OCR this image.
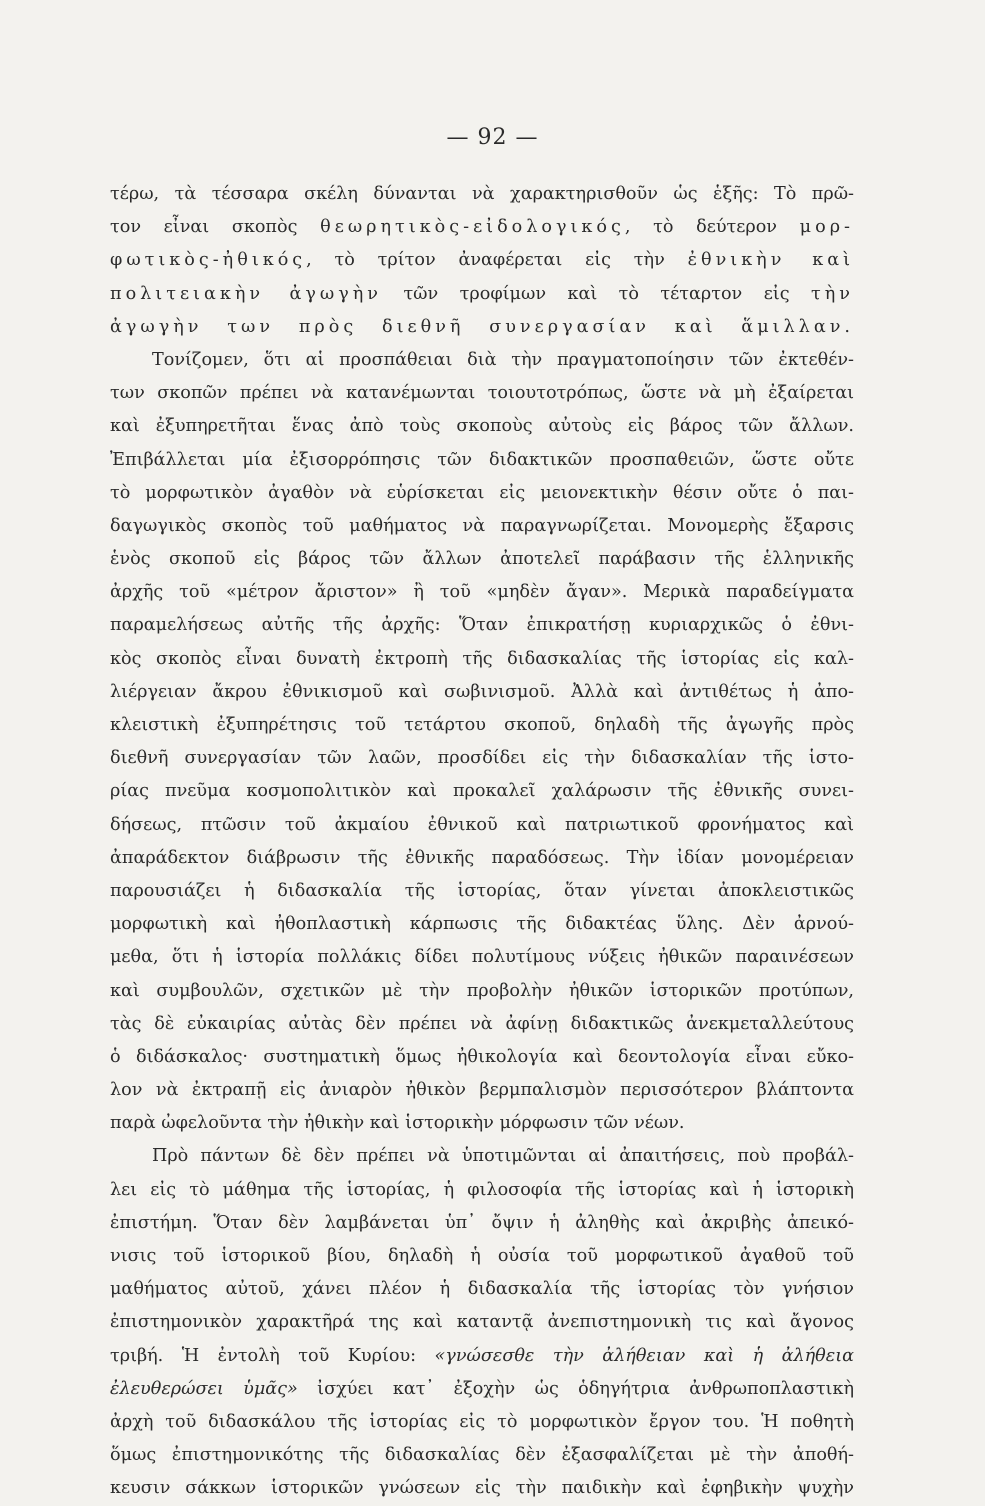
— 92 —
τέρω, τὰ τέσσαρα σκέλη δύνανται νὰ χαρακτηρισθοῦν ὡς ἑξῆς: Τὸ πρῶ-
τον εἶναι σκοπὸς θεωρητικὸς-εἰδολογικός, τὸ δεύτερον μορ-
φωτικὸς-ἠθικός, τὸ τρίτον ἀναφέρεται εἰς τὴν ἐθνικὴν καὶ
πολιτειακὴν ἀγωγὴν τῶν τροφίμων καὶ τὸ τέταρτον εἰς τὴν
ἀγωγὴν των πρὸς διεθνῆ συνεργασίαν καὶ ἅμιλλαν.
Τονίζομεν, ὅτι αἱ προσπάθειαι διὰ τὴν πραγματοποίησιν τῶν ἐκτεθέν-
των σκοπῶν πρέπει νὰ κατανέμωνται τοιουτοτρόπως, ὥστε νὰ μὴ ἐξαίρεται
καὶ ἐξυπηρετῆται ἕνας ἀπὸ τοὺς σκοποὺς αὐτοὺς εἰς βάρος τῶν ἄλλων.
Ἐπιβάλλεται μία ἐξισορρόπησις τῶν διδακτικῶν προσπαθειῶν, ὥστε οὔτε
τὸ μορφωτικὸν ἀγαθὸν νὰ εὑρίσκεται εἰς μειονεκτικὴν θέσιν οὔτε ὁ παι-
δαγωγικὸς σκοπὸς τοῦ μαθήματος νὰ παραγνωρίζεται. Μονομερὴς ἔξαρσις
ἑνὸς σκοποῦ εἰς βάρος τῶν ἄλλων ἀποτελεῖ παράβασιν τῆς ἑλληνικῆς
ἀρχῆς τοῦ «μέτρον ἄριστον» ἢ τοῦ «μηδὲν ἄγαν». Μερικὰ παραδείγματα
παραμελήσεως αὐτῆς τῆς ἀρχῆς: Ὅταν ἐπικρατήσῃ κυριαρχικῶς ὁ ἐθνι-
κὸς σκοπὸς εἶναι δυνατὴ ἐκτροπὴ τῆς διδασκαλίας τῆς ἱστορίας εἰς καλ-
λιέργειαν ἄκρου ἐθνικισμοῦ καὶ σωβινισμοῦ. Ἀλλὰ καὶ ἀντιθέτως ἡ ἀπο-
κλειστικὴ ἐξυπηρέτησις τοῦ τετάρτου σκοποῦ, δηλαδὴ τῆς ἀγωγῆς πρὸς
διεθνῆ συνεργασίαν τῶν λαῶν, προσδίδει εἰς τὴν διδασκαλίαν τῆς ἱστο-
ρίας πνεῦμα κοσμοπολιτικὸν καὶ προκαλεῖ χαλάρωσιν τῆς ἐθνικῆς συνει-
δήσεως, πτῶσιν τοῦ ἀκμαίου ἐθνικοῦ καὶ πατριωτικοῦ φρονήματος καὶ
ἀπαράδεκτον διάβρωσιν τῆς ἐθνικῆς παραδόσεως. Τὴν ἰδίαν μονομέρειαν
παρουσιάζει ἡ διδασκαλία τῆς ἱστορίας, ὅταν γίνεται ἀποκλειστικῶς
μορφωτικὴ καὶ ἠθοπλαστικὴ κάρπωσις τῆς διδακτέας ὕλης. Δὲν ἀρνού-
μεθα, ὅτι ἡ ἱστορία πολλάκις δίδει πολυτίμους νύξεις ἠθικῶν παραινέσεων
καὶ συμβουλῶν, σχετικῶν μὲ τὴν προβολὴν ἠθικῶν ἱστορικῶν προτύπων,
τὰς δὲ εὐκαιρίας αὐτὰς δὲν πρέπει νὰ ἀφίνῃ διδακτικῶς ἀνεκμεταλλεύτους
ὁ διδάσκαλος· συστηματικὴ ὅμως ἠθικολογία καὶ δεοντολογία εἶναι εὔκο-
λον νὰ ἐκτραπῇ εἰς ἀνιαρὸν ἠθικὸν βερμπαλισμὸν περισσότερον βλάπτοντα
παρὰ ὠφελοῦντα τὴν ἠθικὴν καὶ ἱστορικὴν μόρφωσιν τῶν νέων.
Πρὸ πάντων δὲ δὲν πρέπει νὰ ὑποτιμῶνται αἱ ἀπαιτήσεις, ποὺ προβάλ-
λει εἰς τὸ μάθημα τῆς ἱστορίας, ἡ φιλοσοφία τῆς ἱστορίας καὶ ἡ ἱστορικὴ
ἐπιστήμη. Ὅταν δὲν λαμβάνεται ὑπ᾽ ὄψιν ἡ ἀληθὴς καὶ ἀκριβὴς ἀπεικό-
νισις τοῦ ἱστορικοῦ βίου, δηλαδὴ ἡ οὐσία τοῦ μορφωτικοῦ ἀγαθοῦ τοῦ
μαθήματος αὐτοῦ, χάνει πλέον ἡ διδασκαλία τῆς ἱστορίας τὸν γνήσιον
ἐπιστημονικὸν χαρακτῆρά της καὶ καταντᾷ ἀνεπιστημονικὴ τις καὶ ἄγονος
τριβή. Ἡ ἐντολὴ τοῦ Κυρίου: «γνώσεσθε τὴν ἀλήθειαν καὶ ἡ ἀλήθεια
ἐλευθερώσει ὑμᾶς» ἰσχύει κατ᾽ ἐξοχὴν ὡς ὁδηγήτρια ἀνθρωποπλαστικὴ
ἀρχὴ τοῦ διδασκάλου τῆς ἱστορίας εἰς τὸ μορφωτικὸν ἔργον του. Ἡ ποθητὴ
ὅμως ἐπιστημονικότης τῆς διδασκαλίας δὲν ἐξασφαλίζεται μὲ τὴν ἀποθή-
κευσιν σάκκων ἱστορικῶν γνώσεων εἰς τὴν παιδικὴν καὶ ἐφηβικὴν ψυχὴν
